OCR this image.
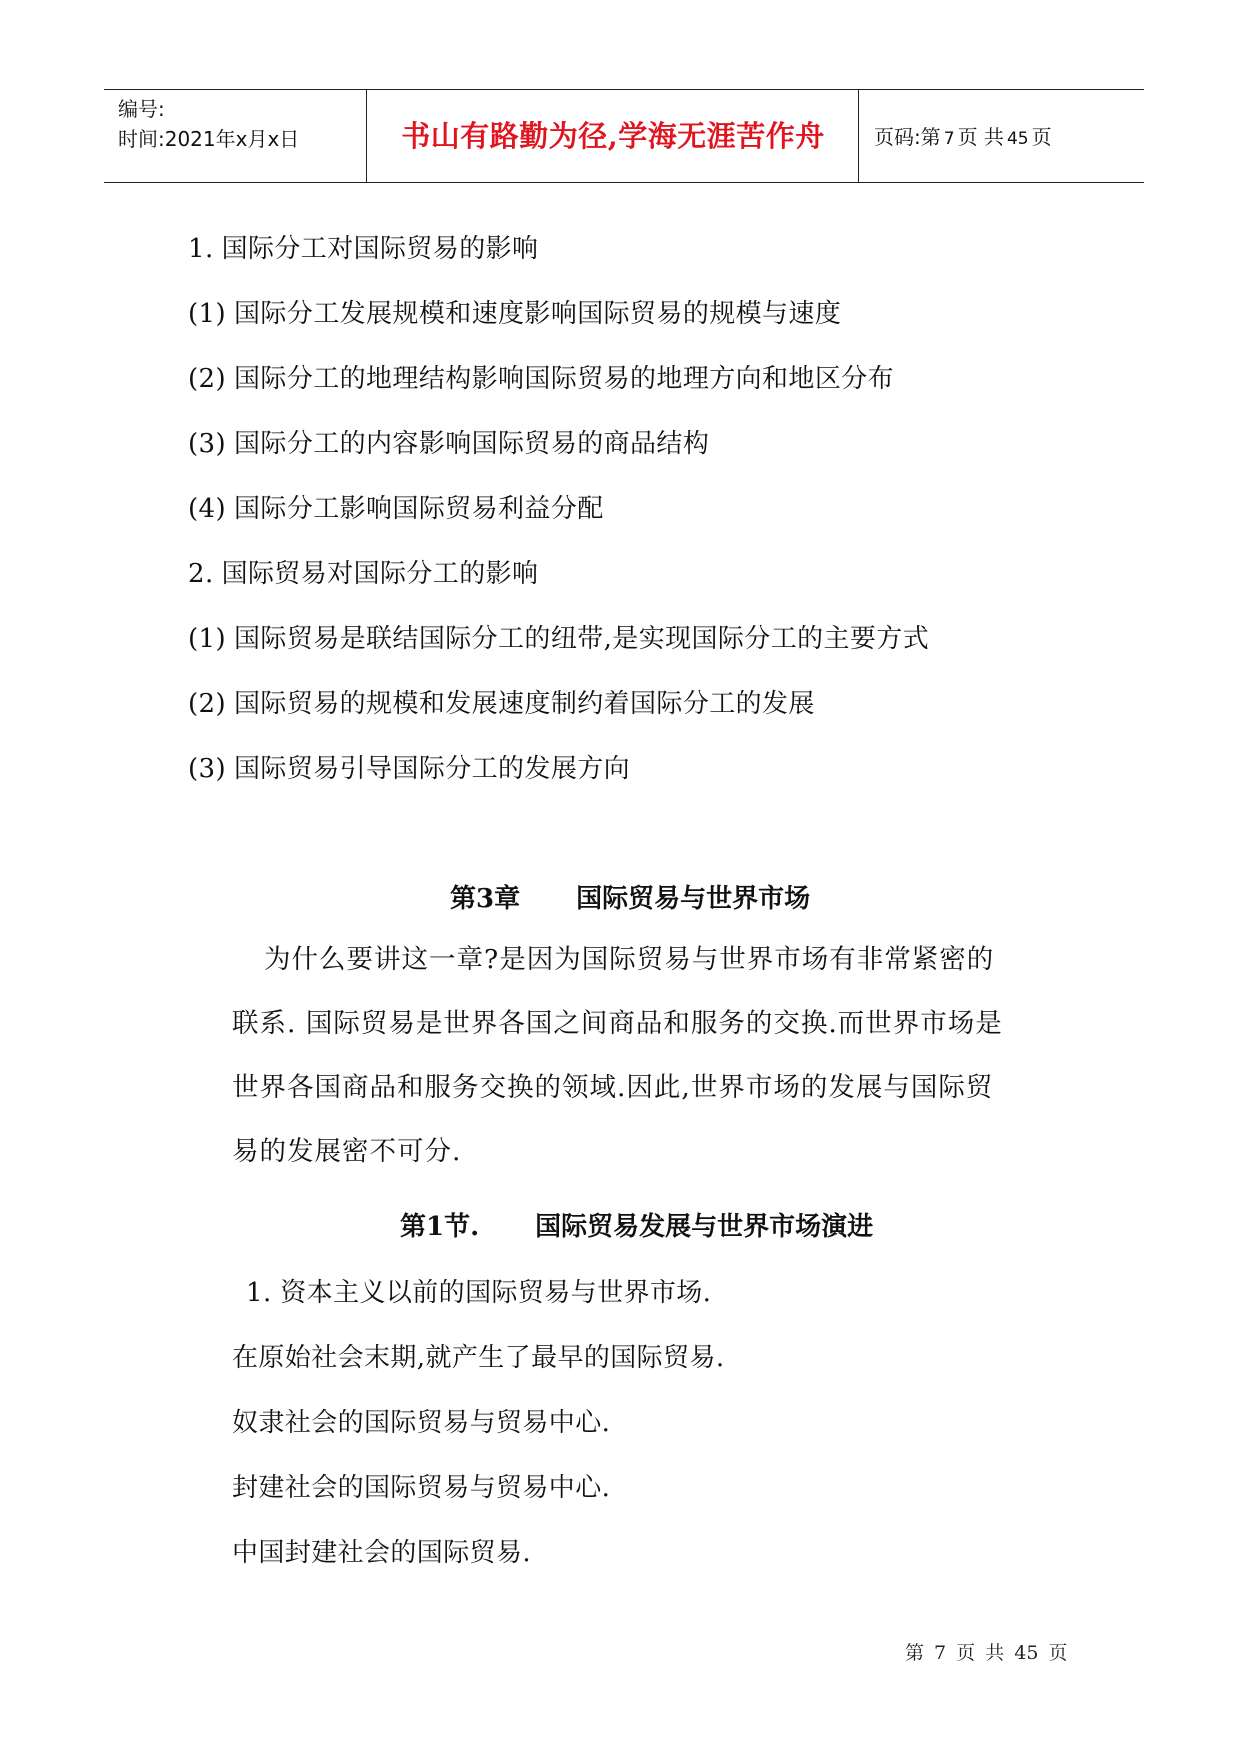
编号:
时间:2021年x月x日	书山有路勤为径,学海无涯苦作舟	页码:第 7 页 共 45 页
1. 国际分工对国际贸易的影响
(1) 国际分工发展规模和速度影响国际贸易的规模与速度
(2) 国际分工的地理结构影响国际贸易的地理方向和地区分布
(3) 国际分工的内容影响国际贸易的商品结构
(4) 国际分工影响国际贸易利益分配
2. 国际贸易对国际分工的影响
(1) 国际贸易是联结国际分工的纽带,是实现国际分工的主要方式
(2) 国际贸易的规模和发展速度制约着国际分工的发展
(3) 国际贸易引导国际分工的发展方向
第3章 国际贸易与世界市场
为什么要讲这一章?是因为国际贸易与世界市场有非常紧密的
联系. 国际贸易是世界各国之间商品和服务的交换.而世界市场是
世界各国商品和服务交换的领域.因此,世界市场的发展与国际贸
易的发展密不可分.
第1节. 国际贸易发展与世界市场演进
1. 资本主义以前的国际贸易与世界市场.
在原始社会末期,就产生了最早的国际贸易.
奴隶社会的国际贸易与贸易中心.
封建社会的国际贸易与贸易中心.
中国封建社会的国际贸易.
第 7 页 共 45 页
